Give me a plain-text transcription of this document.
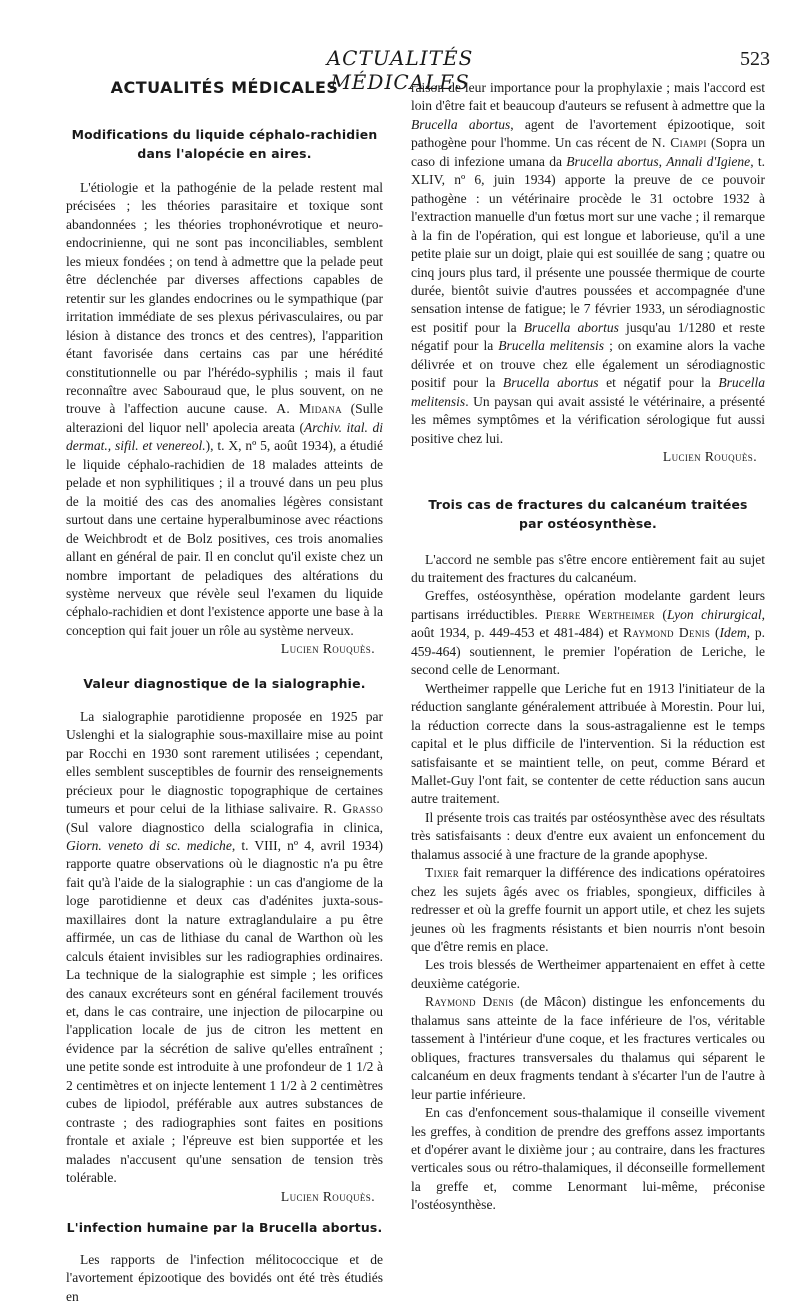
ACTUALITÉS MÉDICALES
523
ACTUALITÉS MÉDICALES
Modifications du liquide céphalo-rachidien
dans l'alopécie en aires.

L'étiologie et la pathogénie de la pelade restent mal précisées ; les théories parasitaire et toxique sont abandonnées ; les théories trophonévrotique et neuro-endocrinienne, qui ne sont pas inconciliables, semblent les mieux fondées ; on tend à admettre que la pelade peut être déclenchée par diverses affections capables de retentir sur les glandes endocrines ou le sympathique (par irritation immédiate de ses plexus périvasculaires, ou par lésion à distance des troncs et des centres), l'apparition étant favorisée dans certains cas par une hérédité constitutionnelle ou par l'hérédo-syphilis ; mais il faut reconnaître avec Sabouraud que, le plus souvent, on ne trouve à l'affection aucune cause. A. Midana (Sulle alterazioni del liquor nell' apolecia areata (Archiv. ital. di dermat., sifil. et venereol.), t. X, nº 5, août 1934), a étudié le liquide céphalo-rachidien de 18 malades atteints de pelade et non syphilitiques ; il a trouvé dans un peu plus de la moitié des cas des anomalies légères consistant surtout dans une certaine hyperalbuminose avec réactions de Weichbrodt et de Bolz positives, ces trois anomalies allant en général de pair. Il en conclut qu'il existe chez un nombre important de peladiques des altérations du système nerveux que révèle seul l'examen du liquide céphalo-rachidien et dont l'existence apporte une base à la conception qui fait jouer un rôle au système nerveux.

Lucien Rouquès.

Valeur diagnostique de la sialographie.

La sialographie parotidienne proposée en 1925 par Uslenghi et la sialographie sous-maxillaire mise au point par Rocchi en 1930 sont rarement utilisées ; cependant, elles semblent susceptibles de fournir des renseignements précieux pour le diagnostic topographique de certaines tumeurs et pour celui de la lithiase salivaire. R. Grasso (Sul valore diagnostico della scialografia in clinica, Giorn. veneto di sc. mediche, t. VIII, nº 4, avril 1934) rapporte quatre observations où le diagnostic n'a pu être fait qu'à l'aide de la sialographie : un cas d'angiome de la loge parotidienne et deux cas d'adénites juxta-sous-maxillaires dont la nature extraglandulaire a pu être affirmée, un cas de lithiase du canal de Warthon où les calculs étaient invisibles sur les radiographies ordinaires. La technique de la sialographie est simple ; les orifices des canaux excréteurs sont en général facilement trouvés et, dans le cas contraire, une injection de pilocarpine ou l'application locale de jus de citron les mettent en évidence par la sécrétion de salive qu'elles entraînent ; une petite sonde est introduite à une profondeur de 1 1/2 à 2 centimètres et on injecte lentement 1 1/2 à 2 centimètres cubes de lipiodol, préférable aux autres substances de contraste ; des radiographies sont faites en positions frontale et axiale ; l'épreuve est bien supportée et les malades n'accusent qu'une sensation de tension très tolérable.

Lucien Rouquès.

L'infection humaine par la Brucella abortus.

Les rapports de l'infection mélitococcique et de l'avortement épizootique des bovidés ont été très étudiés en

raison de leur importance pour la prophylaxie ; mais l'accord est loin d'être fait et beaucoup d'auteurs se refusent à admettre que la Brucella abortus, agent de l'avortement épizootique, soit pathogène pour l'homme. Un cas récent de N. Ciampi (Sopra un caso di infezione umana da Brucella abortus, Annali d'Igiene, t. XLIV, nº 6, juin 1934) apporte la preuve de ce pouvoir pathogène : un vétérinaire procède le 31 octobre 1932 à l'extraction manuelle d'un fœtus mort sur une vache ; il remarque à la fin de l'opération, qui est longue et laborieuse, qu'il a une petite plaie sur un doigt, plaie qui est souillée de sang ; quatre ou cinq jours plus tard, il présente une poussée thermique de courte durée, bientôt suivie d'autres poussées et accompagnée d'une sensation intense de fatigue; le 7 février 1933, un sérodiagnostic est positif pour la Brucella abortus jusqu'au 1/1280 et reste négatif pour la Brucella melitensis ; on examine alors la vache délivrée et on trouve chez elle également un sérodiagnostic positif pour la Brucella abortus et négatif pour la Brucella melitensis. Un paysan qui avait assisté le vétérinaire, a présenté les mêmes symptômes et la vérification sérologique fut aussi positive chez lui.

Lucien Rouquès.

Trois cas de fractures du calcanéum traitées
par ostéosynthèse.

L'accord ne semble pas s'être encore entièrement fait au sujet du traitement des fractures du calcanéum.

Greffes, ostéosynthèse, opération modelante gardent leurs partisans irréductibles. Pierre Wertheimer (Lyon chirurgical, août 1934, p. 449-453 et 481-484) et Raymond Denis (Idem, p. 459-464) soutiennent, le premier l'opération de Leriche, le second celle de Lenormant.

Wertheimer rappelle que Leriche fut en 1913 l'initiateur de la réduction sanglante généralement attribuée à Morestin. Pour lui, la réduction correcte dans la sous-astragalienne est le temps capital et le plus difficile de l'intervention. Si la réduction est satisfaisante et se maintient telle, on peut, comme Bérard et Mallet-Guy l'ont fait, se contenter de cette réduction sans aucun autre traitement.

Il présente trois cas traités par ostéosynthèse avec des résultats très satisfaisants : deux d'entre eux avaient un enfoncement du thalamus associé à une fracture de la grande apophyse.

Tixier fait remarquer la différence des indications opératoires chez les sujets âgés avec os friables, spongieux, difficiles à redresser et où la greffe fournit un apport utile, et chez les sujets jeunes où les fragments résistants et bien nourris n'ont besoin que d'être remis en place.

Les trois blessés de Wertheimer appartenaient en effet à cette deuxième catégorie.

Raymond Denis (de Mâcon) distingue les enfoncements du thalamus sans atteinte de la face inférieure de l'os, véritable tassement à l'intérieur d'une coque, et les fractures verticales ou obliques, fractures transversales du thalamus qui séparent le calcanéum en deux fragments tendant à s'écarter l'un de l'autre à leur partie inférieure.

En cas d'enfoncement sous-thalamique il conseille vivement les greffes, à condition de prendre des greffons assez importants et d'opérer avant le dixième jour ; au contraire, dans les fractures verticales sous ou rétro-thalamiques, il déconseille formellement la greffe et, comme Lenormant lui-même, préconise l'ostéosynthèse.
